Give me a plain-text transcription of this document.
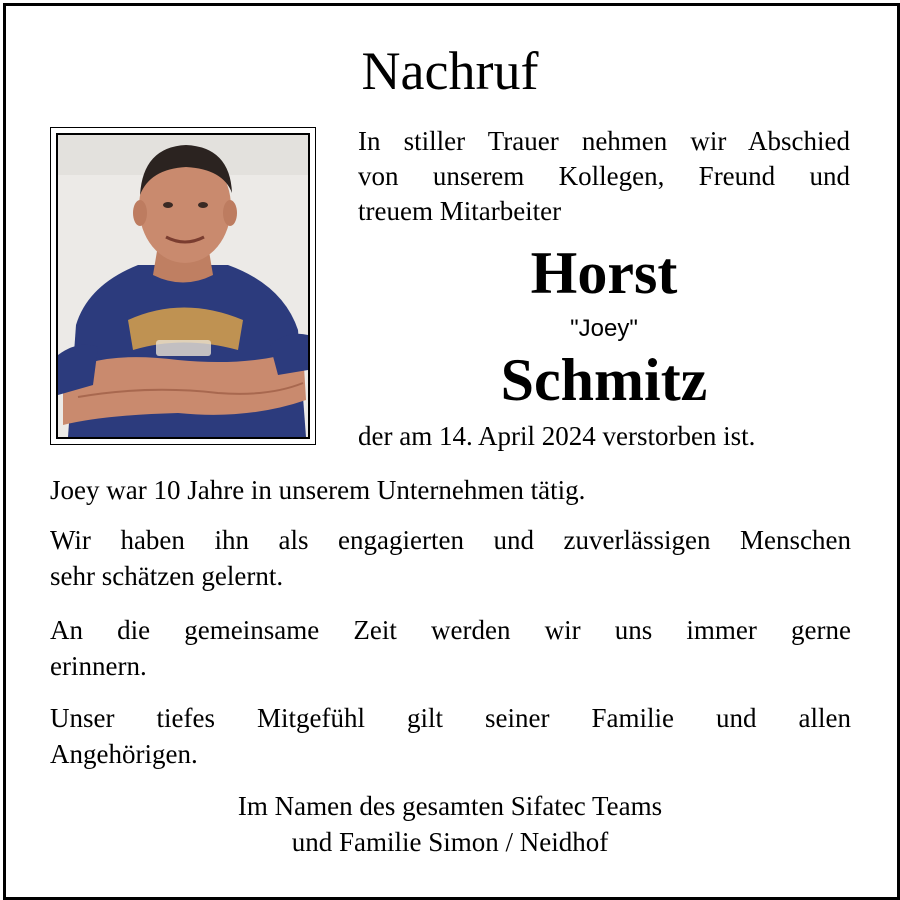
Nachruf
In stiller Trauer nehmen wir Abschied
von unserem Kollegen, Freund und
treuem Mitarbeiter
Horst
"Joey"
Schmitz
der am 14. April 2024 verstorben ist.
Joey war 10 Jahre in unserem Unternehmen tätig.
Wir haben ihn als engagierten und zuverlässigen Menschen
sehr schätzen gelernt.
An die gemeinsame Zeit werden wir uns immer gerne
erinnern.
Unser tiefes Mitgefühl gilt seiner Familie und allen
Angehörigen.
Im Namen des gesamten Sifatec Teams
und Familie Simon / Neidhof
